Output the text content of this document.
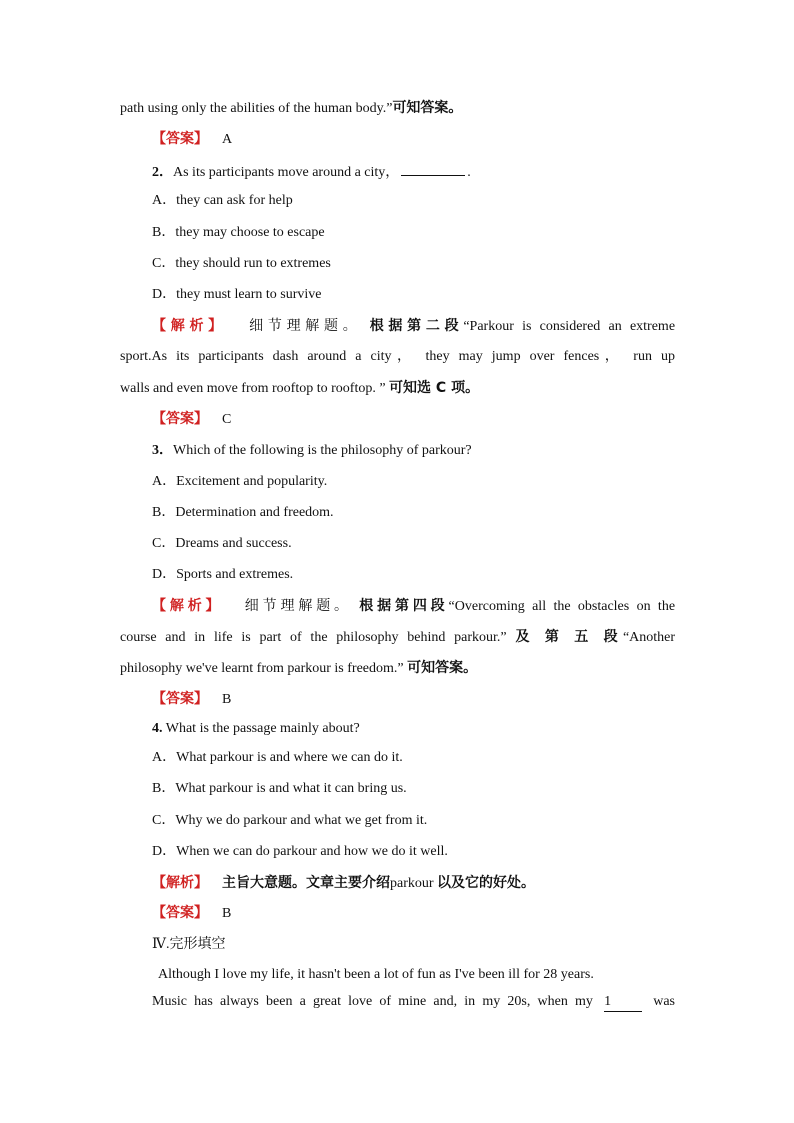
path using only the abilities of the human body.”可知答案。
【答案】 A
2．As its participants move around a city，	.
A．they can ask for help
B．they may choose to escape
C．they should run to extremes
D．they must learn to survive
【解析】 细节理解题。 根据第二段“Parkour is considered an extreme
sport.As its participants dash around a city， they may jump over fences， run up
walls and even move from rooftop to rooftop. ” 可知选 C 项。
【答案】 C
3．Which of the following is the philosophy of parkour?
A．Excitement and popularity.
B．Determination and freedom.
C．Dreams and success.
D．Sports and extremes.
【解析】 细节理解题。 根据第四段“Overcoming all the obstacles on the
course and in life is part of the philosophy behind parkour.” 及 第 五 段“Another
philosophy we've learnt from parkour is freedom.” 可知答案。
【答案】 B
4. What is the passage mainly about?
A．What parkour is and where we can do it.
B．What parkour is and what it can bring us.
C．Why we do parkour and what we get from it.
D．When we can do parkour and how we do it well.
【解析】 主旨大意题。文章主要介绍parkour 以及它的好处。
【答案】 B
Ⅳ.完形填空
Although I love my life, it hasn't been a lot of fun as I've been ill for 28 years.
Music has always been a great love of mine and, in my 20s, when my 1	was
